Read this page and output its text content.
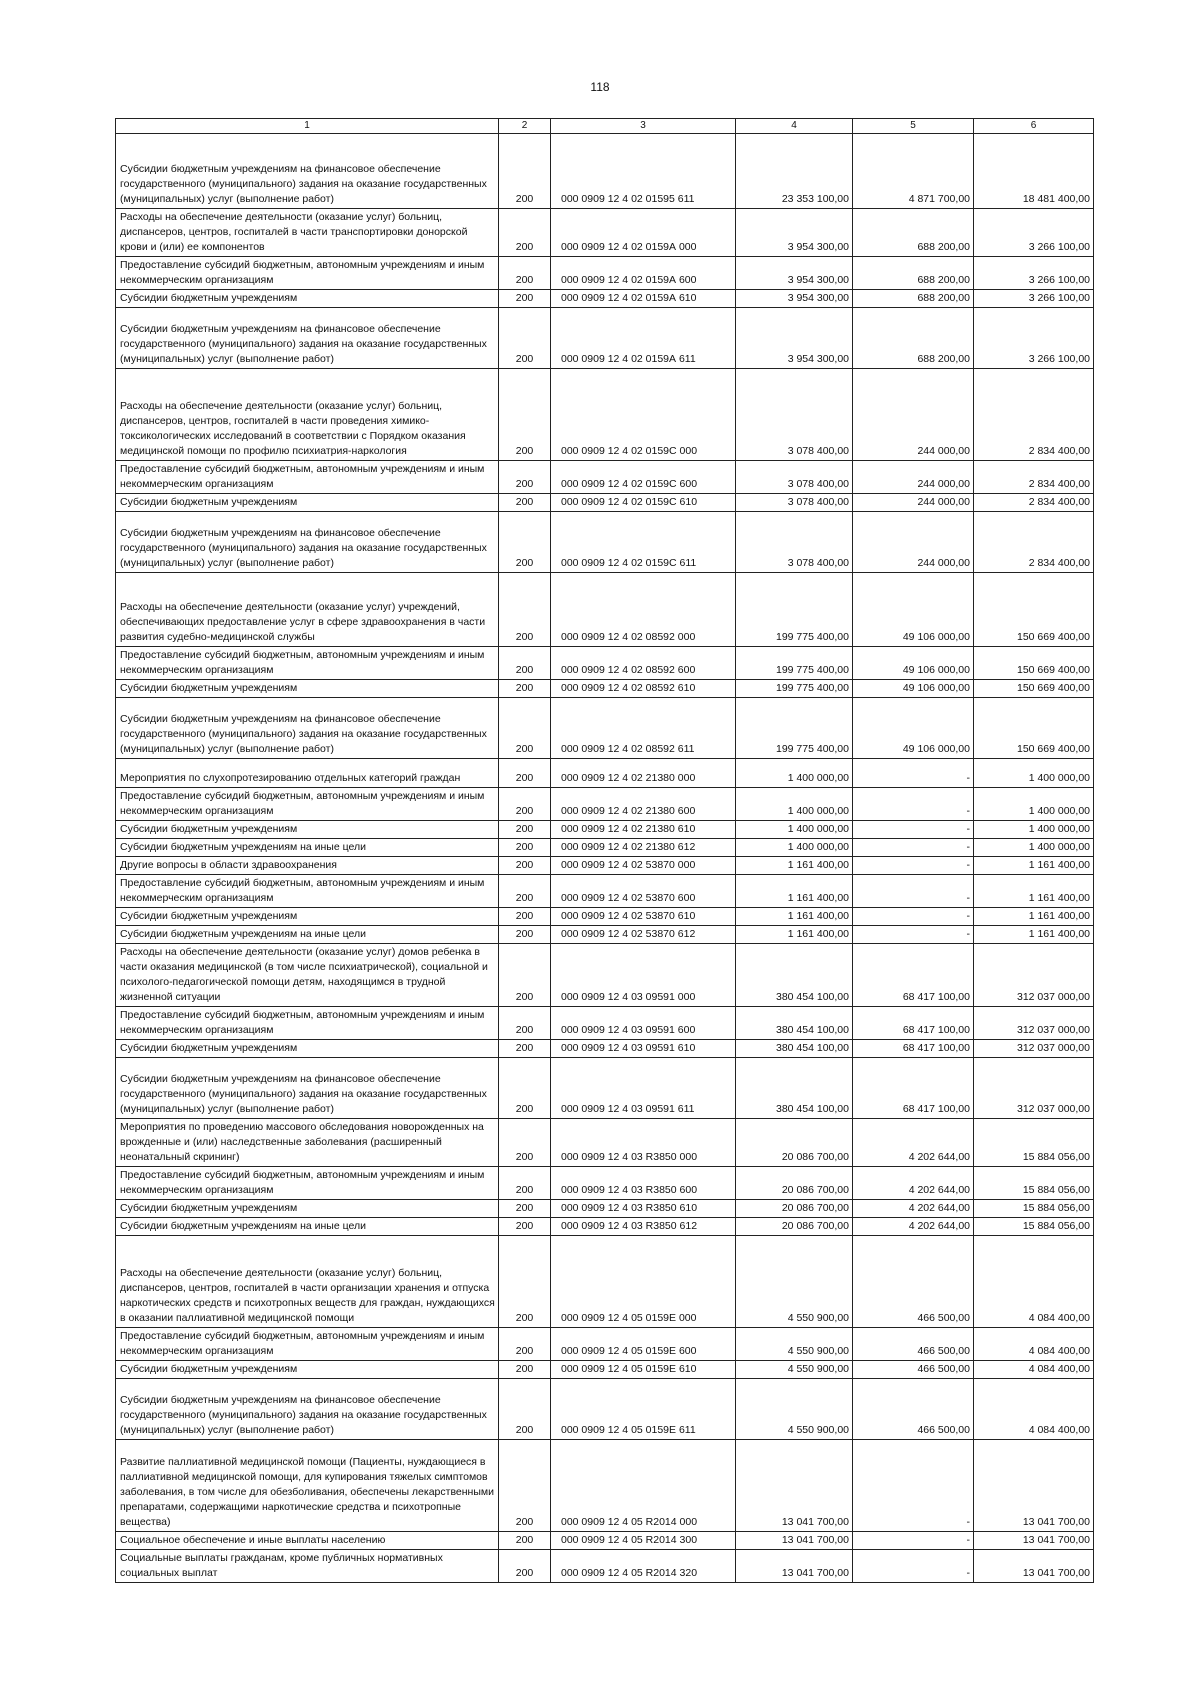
118
1	2	3	4	5	6
Субсидии бюджетным учреждениям на финансовое обеспечение государственного (муниципального) задания на оказание государственных (муниципальных) услуг (выполнение работ)	200	000 0909 12 4 02 01595 611	23 353 100,00	4 871 700,00	18 481 400,00
Расходы на обеспечение деятельности (оказание услуг) больниц, диспансеров, центров, госпиталей в части транспортировки донорской крови и (или) ее компонентов	200	000 0909 12 4 02 0159А 000	3 954 300,00	688 200,00	3 266 100,00
Предоставление субсидий бюджетным, автономным учреждениям и иным некоммерческим организациям	200	000 0909 12 4 02 0159А 600	3 954 300,00	688 200,00	3 266 100,00
Субсидии бюджетным учреждениям	200	000 0909 12 4 02 0159А 610	3 954 300,00	688 200,00	3 266 100,00
Субсидии бюджетным учреждениям на финансовое обеспечение государственного (муниципального) задания на оказание государственных (муниципальных) услуг (выполнение работ)	200	000 0909 12 4 02 0159А 611	3 954 300,00	688 200,00	3 266 100,00
Расходы на обеспечение деятельности (оказание услуг) больниц, диспансеров, центров, госпиталей в части проведения химико-токсикологических исследований в соответствии с Порядком оказания медицинской помощи по профилю психиатрия-наркология	200	000 0909 12 4 02 0159С 000	3 078 400,00	244 000,00	2 834 400,00
Предоставление субсидий бюджетным, автономным учреждениям и иным некоммерческим организациям	200	000 0909 12 4 02 0159С 600	3 078 400,00	244 000,00	2 834 400,00
Субсидии бюджетным учреждениям	200	000 0909 12 4 02 0159С 610	3 078 400,00	244 000,00	2 834 400,00
Субсидии бюджетным учреждениям на финансовое обеспечение государственного (муниципального) задания на оказание государственных (муниципальных) услуг (выполнение работ)	200	000 0909 12 4 02 0159С 611	3 078 400,00	244 000,00	2 834 400,00
Расходы на обеспечение деятельности (оказание услуг) учреждений, обеспечивающих предоставление услуг в сфере здравоохранения в части развития судебно-медицинской службы	200	000 0909 12 4 02 08592 000	199 775 400,00	49 106 000,00	150 669 400,00
Предоставление субсидий бюджетным, автономным учреждениям и иным некоммерческим организациям	200	000 0909 12 4 02 08592 600	199 775 400,00	49 106 000,00	150 669 400,00
Субсидии бюджетным учреждениям	200	000 0909 12 4 02 08592 610	199 775 400,00	49 106 000,00	150 669 400,00
Субсидии бюджетным учреждениям на финансовое обеспечение государственного (муниципального) задания на оказание государственных (муниципальных) услуг (выполнение работ)	200	000 0909 12 4 02 08592 611	199 775 400,00	49 106 000,00	150 669 400,00
Мероприятия по слухопротезированию отдельных категорий граждан	200	000 0909 12 4 02 21380 000	1 400 000,00	-	1 400 000,00
Предоставление субсидий бюджетным, автономным учреждениям и иным некоммерческим организациям	200	000 0909 12 4 02 21380 600	1 400 000,00	-	1 400 000,00
Субсидии бюджетным учреждениям	200	000 0909 12 4 02 21380 610	1 400 000,00	-	1 400 000,00
Субсидии бюджетным учреждениям на иные цели	200	000 0909 12 4 02 21380 612	1 400 000,00	-	1 400 000,00
Другие вопросы в области здравоохранения	200	000 0909 12 4 02 53870 000	1 161 400,00	-	1 161 400,00
Предоставление субсидий бюджетным, автономным учреждениям и иным некоммерческим организациям	200	000 0909 12 4 02 53870 600	1 161 400,00	-	1 161 400,00
Субсидии бюджетным учреждениям	200	000 0909 12 4 02 53870 610	1 161 400,00	-	1 161 400,00
Субсидии бюджетным учреждениям на иные цели	200	000 0909 12 4 02 53870 612	1 161 400,00	-	1 161 400,00
Расходы на обеспечение деятельности (оказание услуг) домов ребенка в части оказания медицинской (в том числе психиатрической), социальной и психолого-педагогической помощи детям, находящимся в трудной жизненной ситуации	200	000 0909 12 4 03 09591 000	380 454 100,00	68 417 100,00	312 037 000,00
Предоставление субсидий бюджетным, автономным учреждениям и иным некоммерческим организациям	200	000 0909 12 4 03 09591 600	380 454 100,00	68 417 100,00	312 037 000,00
Субсидии бюджетным учреждениям	200	000 0909 12 4 03 09591 610	380 454 100,00	68 417 100,00	312 037 000,00
Субсидии бюджетным учреждениям на финансовое обеспечение государственного (муниципального) задания на оказание государственных (муниципальных) услуг (выполнение работ)	200	000 0909 12 4 03 09591 611	380 454 100,00	68 417 100,00	312 037 000,00
Мероприятия по проведению массового обследования новорожденных на врожденные и (или) наследственные заболевания (расширенный неонатальный скрининг)	200	000 0909 12 4 03 R3850 000	20 086 700,00	4 202 644,00	15 884 056,00
Предоставление субсидий бюджетным, автономным учреждениям и иным некоммерческим организациям	200	000 0909 12 4 03 R3850 600	20 086 700,00	4 202 644,00	15 884 056,00
Субсидии бюджетным учреждениям	200	000 0909 12 4 03 R3850 610	20 086 700,00	4 202 644,00	15 884 056,00
Субсидии бюджетным учреждениям на иные цели	200	000 0909 12 4 03 R3850 612	20 086 700,00	4 202 644,00	15 884 056,00
Расходы на обеспечение деятельности (оказание услуг) больниц, диспансеров, центров, госпиталей в части организации хранения и отпуска наркотических средств и психотропных веществ для граждан, нуждающихся в оказании паллиативной медицинской помощи	200	000 0909 12 4 05 0159Е 000	4 550 900,00	466 500,00	4 084 400,00
Предоставление субсидий бюджетным, автономным учреждениям и иным некоммерческим организациям	200	000 0909 12 4 05 0159Е 600	4 550 900,00	466 500,00	4 084 400,00
Субсидии бюджетным учреждениям	200	000 0909 12 4 05 0159Е 610	4 550 900,00	466 500,00	4 084 400,00
Субсидии бюджетным учреждениям на финансовое обеспечение государственного (муниципального) задания на оказание государственных (муниципальных) услуг (выполнение работ)	200	000 0909 12 4 05 0159Е 611	4 550 900,00	466 500,00	4 084 400,00
Развитие паллиативной медицинской помощи (Пациенты, нуждающиеся в паллиативной медицинской помощи, для купирования тяжелых симптомов заболевания, в том числе для обезболивания, обеспечены лекарственными препаратами, содержащими наркотические средства и психотропные вещества)	200	000 0909 12 4 05 R2014 000	13 041 700,00	-	13 041 700,00
Социальное обеспечение и иные выплаты населению	200	000 0909 12 4 05 R2014 300	13 041 700,00	-	13 041 700,00
Социальные выплаты гражданам, кроме публичных нормативных социальных выплат	200	000 0909 12 4 05 R2014 320	13 041 700,00	-	13 041 700,00
